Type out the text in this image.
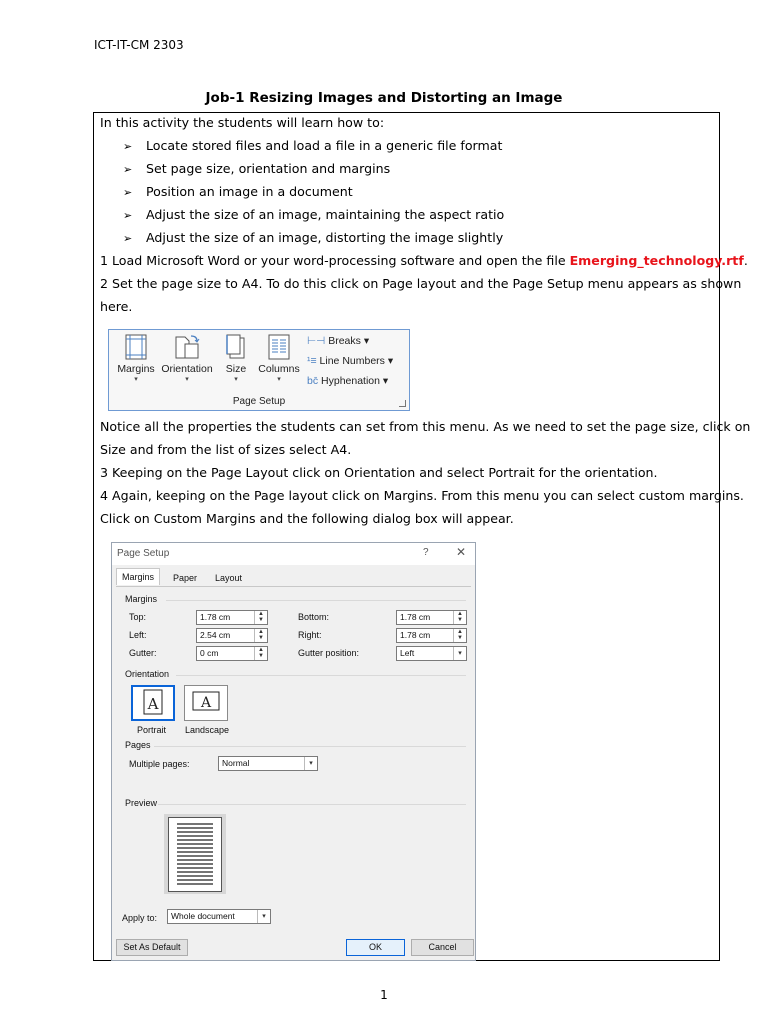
ICT-IT-CM 2303
Job-1 Resizing Images and Distorting an Image
In this activity the students will learn how to:
➢ Locate stored files and load a file in a generic file format
➢ Set page size, orientation and margins
➢ Position an image in a document
➢ Adjust the size of an image, maintaining the aspect ratio
➢ Adjust the size of an image, distorting the image slightly
1 Load Microsoft Word or your word-processing software and open the file Emerging_technology.rtf.
2 Set the page size to A4. To do this click on Page layout and the Page Setup menu appears as shown
here.
Margins
▾
Orientation
▾
Size
▾
Columns
▾
⊢⊣ Breaks ▾
¹≡ Line Numbers ▾
bc̄ Hyphenation ▾
Page Setup
Notice all the properties the students can set from this menu. As we need to set the page size, click on
Size and from the list of sizes select A4.
3 Keeping on the Page Layout click on Orientation and select Portrait for the orientation.
4 Again, keeping on the Page layout click on Margins. From this menu you can select custom margins.
Click on Custom Margins and the following dialog box will appear.
Page Setup	? ✕
Margins	Paper	Layout
Margins
Top:	1.78 cm	▲
▼	Bottom:	1.78 cm	▲
▼
Left:	2.54 cm	▲
▼	Right:	1.78 cm	▲
▼
Gutter:	0 cm	▲
▼	Gutter position:	Left	▾
Orientation
A	A
Portrait Landscape
Pages
Multiple pages:	Normal	▾
Preview
Apply to:	Whole document	▾
Set As Default	OK	Cancel
1
